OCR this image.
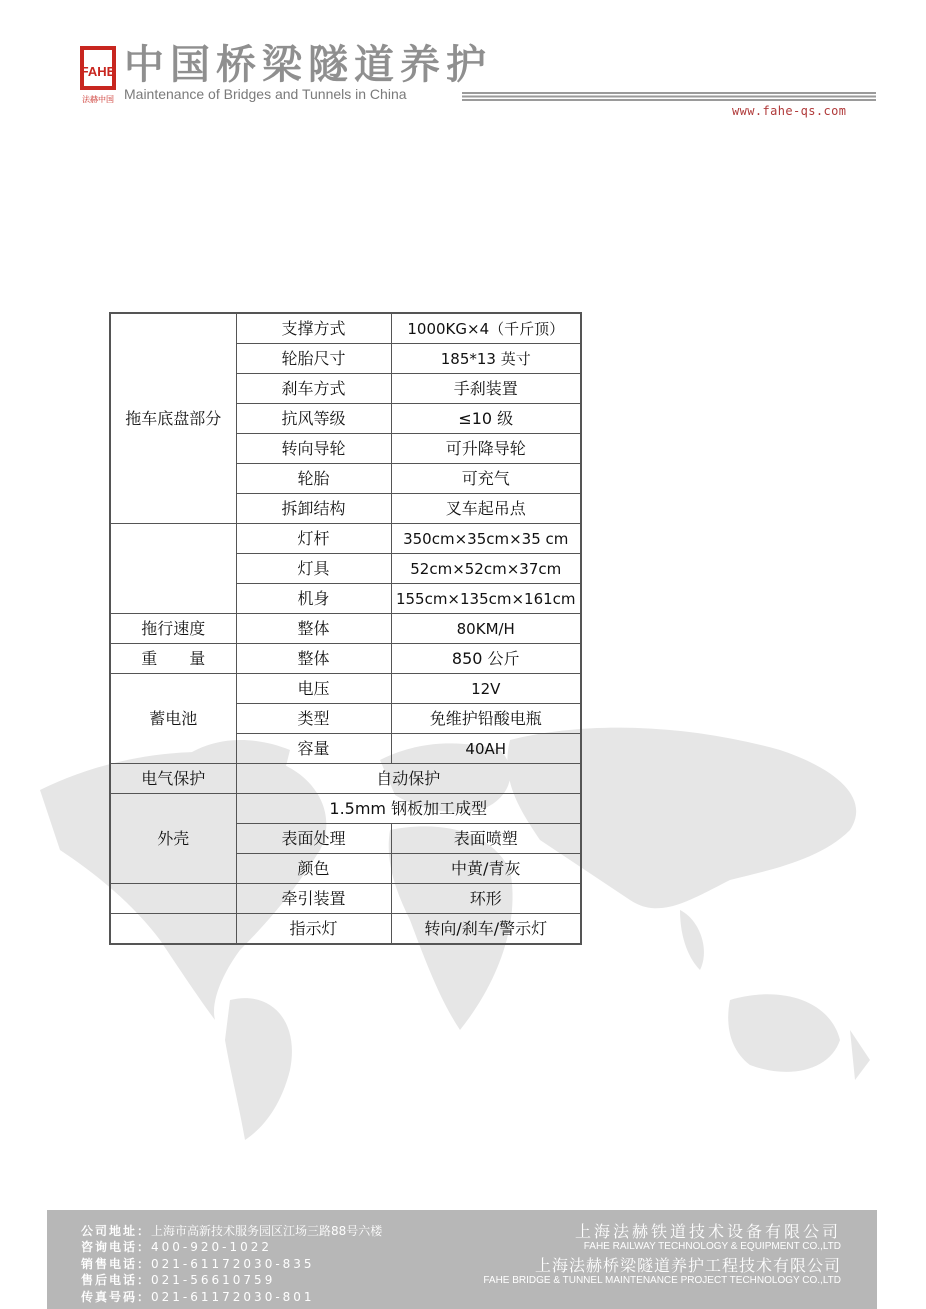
FAHE
法赫中国
中国桥梁隧道养护
Maintenance of Bridges and Tunnels in China
www.fahe-qs.com
拖车底盘部分	支撑方式	1000KG×4（千斤顶）
	轮胎尺寸	185*13 英寸
	刹车方式	手刹装置
	抗风等级	≤10 级
	转向导轮	可升降导轮
	轮胎	可充气
	拆卸结构	叉车起吊点
	灯杆	350cm×35cm×35 cm
	灯具	52cm×52cm×37cm
	机身	155cm×135cm×161cm
拖行速度	整体	80KM/H
重　　量	整体	850 公斤
蓄电池	电压	12V
	类型	免维护铅酸电瓶
	容量	40AH
电气保护	自动保护	
外壳	1.5mm 钢板加工成型	
	表面处理	表面喷塑
	颜色	中黄/青灰
	牵引装置	环形
	指示灯	转向/刹车/警示灯
公司地址：上海市高新技术服务园区江场三路88号六楼
咨询电话：400-920-1022
销售电话：021-61172030-835
售后电话：021-56610759
传真号码：021-61172030-801
上海法赫铁道技术设备有限公司
FAHE RAILWAY TECHNOLOGY & EQUIPMENT CO.,LTD
上海法赫桥梁隧道养护工程技术有限公司
FAHE BRIDGE & TUNNEL MAINTENANCE PROJECT TECHNOLOGY CO.,LTD
